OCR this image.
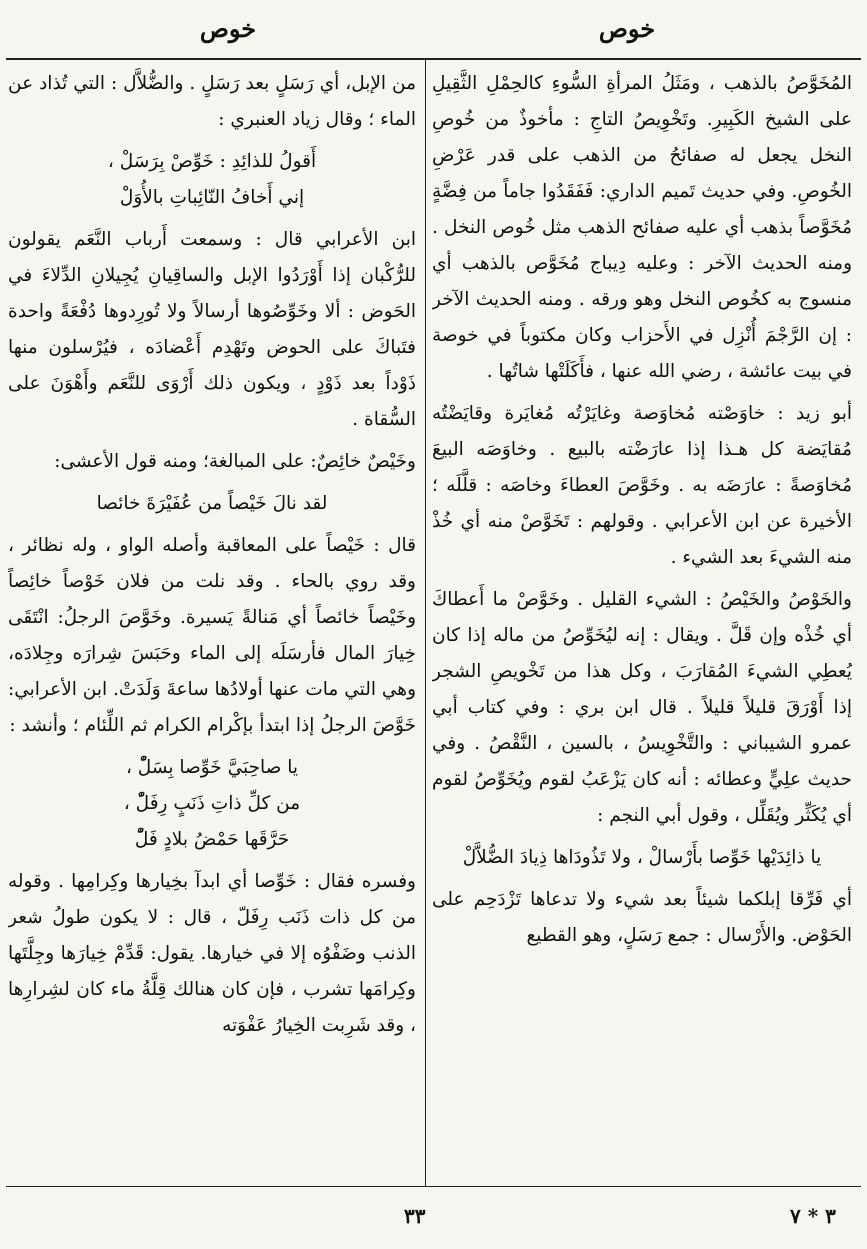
خوص
خوص

المُخَوَّصُ بالذهب ، ومَثَلُ المرأةِ السُّوءِ كالحِمْلِ الثَّقِيلِ على الشيخ الكَبِيرِ. وتَخْوِيصُ التاجِ : مأخوذٌ من خُوصِ النخل يجعل له صفائحُ من الذهب على قدر عَرْضِ الخُوصِ. وفي حديث تَميم الداري: فَفَقَدُوا جاماً من فِضَّةٍ مُخَوَّصاً بذهب أي عليه صفائح الذهب مثل خُوص النخل . ومنه الحديث الآخر : وعليه دِيباج مُخَوَّص بالذهب أي منسوج به كخُوص النخل وهو ورقه . ومنه الحديث الآخر : إن الرَّجْمَ أُنْزِل في الأَحزاب وكان مكتوباً في خوصة في بيت عائشة ، رضي الله عنها ، فأَكَلَتْها شاتُها .

أبو زيد : خاوَصْته مُخاوَصة وغايَرْتُه مُغايَرة وقايَضْتُه مُقايَضة كل هـذا إذا عارَضْته بالبيع . وخاوَصَه البيعَ مُخاوَصةً : عارَضَه به . وخَوَّصَ العطاءَ وخاصَه : قلَّلَه ؛ الأخيرة عن ابن الأعرابي . وقولهم : تَخَوَّصْ منه أي خُذْ منه الشيءَ بعد الشيء .

والخَوْصُ والخَيْصُ : الشيء القليل . وخَوَّصْ ما أَعطاكَ أي خُذْه وإن قَلَّ . ويقال : إنه ليُخَوِّصُ من ماله إذا كان يُعطِي الشيءَ المُقارَبَ ، وكل هذا من تَخْويصِ الشجر إذا أَوْرَقَ قليلاً قليلاً . قال ابن بري : وفي كتاب أبي عمرو الشيباني : والتَّخْوِيسُ ، بالسين ، النَّقْصُ . وفي حديث علِيٍّ وعطائه : أنه كان يَزْعَبُ لقوم ويُخَوِّصُ لقوم أي يُكَثِّر ويُقَلِّل ، وقول أبي النجم :

يا ذائِدَيْها خَوِّصا بأَرْسالْ ، ولا تَذُودَاها ذِيادَ الضُّلاَّلْ

أي فَرِّقا إبلكما شيئاً بعد شيء ولا تدعاها تَزْدَحِم على الحَوْض. والأَرْسال : جمع رَسَلٍ، وهو القطيع

من الإبل، أي رَسَلٍ بعد رَسَلٍ . والضُّلاَّل : التي تُذاد عن الماء ؛ وقال زياد العنبري :

أَقولُ للذائِدِ : خَوِّصْ بِرَسَلْ ،
إني أَخافُ النّائِباتِ بالأُوَلْ

ابن الأعرابي قال : وسمعت أَرباب النَّعَم يقولون للرُّكْبان إذا أَوْرَدُوا الإبل والساقِيانِ يُجِيلانِ الدِّلاءَ في الحَوض : ألا وخَوِّصُوها أرسالاً ولا تُورِدوها دُفْعَةً واحدة فتَباكَ على الحوض وتَهْدِم أَعْضادَه ، فيُرْسلون منها ذَوْداً بعد ذَوْدٍ ، ويكون ذلك أَرْوَى للنَّعَم وأَهْوَنَ على السُّقاة .

وخَيْصٌ خائِصٌ: على المبالغة؛ ومنه قول الأعشى:

لقد نالَ خَيْصاً من عُفَيْرَةَ خائصا

قال : خَيْصاً على المعاقبة وأصله الواو ، وله نظائر ، وقد روي بالحاء . وقد نلت من فلان خَوْصاً خائِصاً وخَيْصاً خائصاً أي مَنالةً يَسيرة. وخَوَّصَ الرجلُ: انْتَقَى خِيارَ المال فأرسَلَه إلى الماء وحَبَسَ شِرارَه وجِلادَه، وهي التي مات عنها أولادُها ساعةَ وَلَدَتْ. ابن الأعرابي: خَوَّصَ الرجلُ إذا ابتدأ بإكْرام الكرام ثم اللِّئام ؛ وأنشد :

يا صاحِبَيَّ خَوِّصا بِسَلّْ ،
من كلِّ ذاتِ ذَنَبٍ رِفَلّْ ،
حَرَّقَها حَمْضُ بلادٍ فَلّْ

وفسره فقال : خَوِّصا أي ابدآ بخِيارها وكِرامِها . وقوله من كل ذات ذَنَب رِفَلّ ، قال : لا يكون طولُ شعر الذنب وضَفْوُه إلا في خيارها. يقول: قَدِّمْ خِيارَها وجِلَّتَها وكِرامَها تشرب ، فإن كان هنالك قِلَّةُ ماء كان لشِرارِها ، وقد شَرِبت الخِيارُ عَفْوَته

٣٣	٣ * ٧
